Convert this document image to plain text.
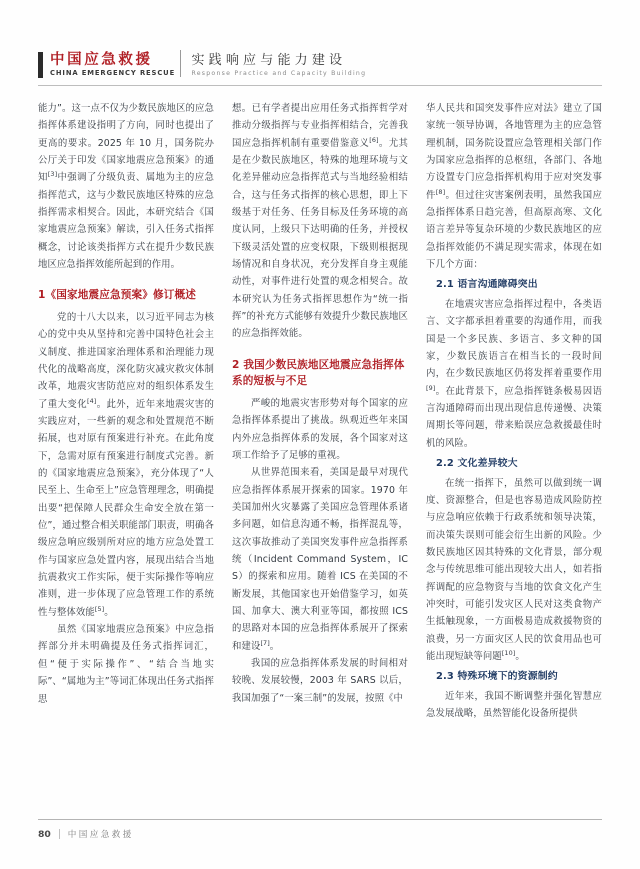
中国应急救援
CHINA EMERGENCY RESCUE
实践响应与能力建设
Response Practice and Capacity Building

能力”。这一点不仅为少数民族地区的应急指挥体系建设指明了方向，同时也提出了更高的要求。2025 年 10 月，国务院办公厅关于印发《国家地震应急预案》的通知[3]中强调了分级负责、属地为主的应急指挥范式，这与少数民族地区特殊的应急指挥需求相契合。因此，本研究结合《国家地震应急预案》解读，引入任务式指挥概念，讨论该类指挥方式在提升少数民族地区应急指挥效能所起到的作用。

1《国家地震应急预案》修订概述

党的十八大以来，以习近平同志为核心的党中央从坚持和完善中国特色社会主义制度、推进国家治理体系和治理能力现代化的战略高度，深化防灾减灾救灾体制改革，地震灾害防范应对的组织体系发生了重大变化[4]。此外，近年来地震灾害的实践应对，一些新的观念和处置规范不断拓展，也对原有预案进行补充。在此角度下，急需对原有预案进行制度式完善。新的《国家地震应急预案》，充分体现了“人民至上、生命至上”应急管理理念，明确提出要“把保障人民群众生命安全放在第一位”，通过整合相关职能部门职责，明确各级应急响应级别所对应的地方应急处置工作与国家应急处置内容，展现出结合当地抗震救灾工作实际，便于实际操作等响应准则，进一步体现了应急管理工作的系统性与整体效能[5]。

虽然《国家地震应急预案》中应急指挥部分并未明确提及任务式指挥词汇，但“便于实际操作”、“结合当地实际”、“属地为主”等词汇体现出任务式指挥思

想。已有学者提出应用任务式指挥哲学对推动分级指挥与专业指挥相结合，完善我国应急指挥机制有重要借鉴意义[6]。尤其是在少数民族地区，特殊的地理环境与文化差异催动应急指挥范式与当地经验相结合，这与任务式指挥的核心思想，即上下级基于对任务、任务目标及任务环境的高度认同，上级只下达明确的任务，并授权下级灵活处置的应变权限，下级则根据现场情况和自身状况，充分发挥自身主观能动性，对事件进行处置的观念相契合。故本研究认为任务式指挥思想作为“统一指挥”的补充方式能够有效提升少数民族地区的应急指挥效能。

2 我国少数民族地区地震应急指挥体系的短板与不足

严峻的地震灾害形势对每个国家的应急指挥体系提出了挑战。纵观近些年来国内外应急指挥体系的发展，各个国家对这项工作给予了足够的重视。

从世界范围来看，美国是最早对现代应急指挥体系展开探索的国家。1970 年美国加州火灾暴露了美国应急管理体系诸多问题，如信息沟通不畅，指挥混乱等，这次事故推动了美国突发事件应急指挥系统（Incident Command System，ICS）的探索和应用。随着 ICS 在美国的不断发展，其他国家也开始借鉴学习，如英国、加拿大、澳大利亚等国，都按照 ICS 的思路对本国的应急指挥体系展开了探索和建设[7]。

我国的应急指挥体系发展的时间相对较晚、发展较慢，2003 年 SARS 以后，我国加强了“一案三制”的发展，按照《中

华人民共和国突发事件应对法》建立了国家统一领导协调，各地管理为主的应急管理机制，国务院设置应急管理相关部门作为国家应急指挥的总枢纽，各部门、各地方设置专门应急指挥机构用于应对突发事件[8]。但过往灾害案例表明，虽然我国应急指挥体系日趋完善，但高原高寒、文化语言差异等复杂环境的少数民族地区的应急指挥效能仍不满足现实需求，体现在如下几个方面：

2.1 语言沟通障碍突出

在地震灾害应急指挥过程中，各类语言、文字都承担着重要的沟通作用，而我国是一个多民族、多语言、多文种的国家，少数民族语言在相当长的一段时间内，在少数民族地区仍将发挥着重要作用[9]。在此背景下，应急指挥链条极易因语言沟通障碍而出现出现信息传递慢、决策周期长等问题，带来贻误应急救援最佳时机的风险。

2.2 文化差异较大

在统一指挥下，虽然可以做到统一调度、资源整合，但是也容易造成风险防控与应急响应依赖于行政系统和领导决策，而决策失误则可能会衍生出新的风险。少数民族地区因其特殊的文化背景，部分观念与传统思维可能出现较大出人，如若指挥调配的应急物资与当地的饮食文化产生冲突时，可能引发灾区人民对这类食物产生抵触现象，一方面极易造成救援物资的浪费，另一方面灾区人民的饮食用品也可能出现短缺等问题[10]。

2.3 特殊环境下的资源制约

近年来，我国不断调整并强化智慧应急发展战略，虽然智能化设备所提供

80 中国应急救援
